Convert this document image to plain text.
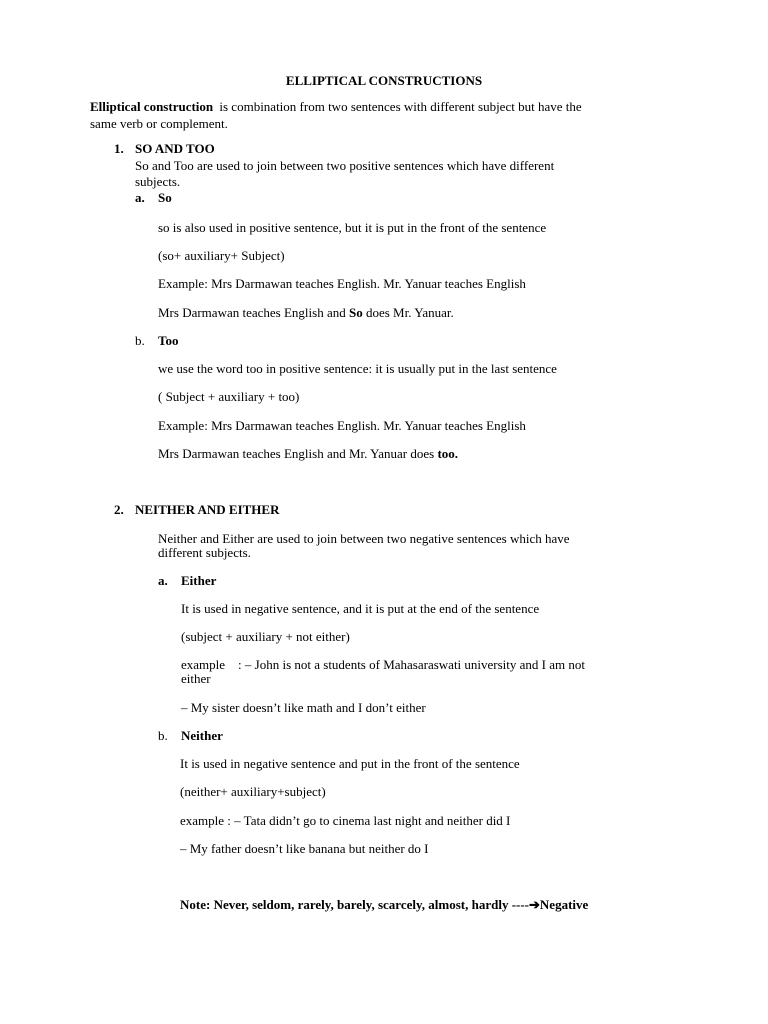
ELLIPTICAL CONSTRUCTIONS
Elliptical construction is combination from two sentences with different subject but have the
same verb or complement.
1. SO AND TOO
So and Too are used to join between two positive sentences which have different
subjects.
a. So
so is also used in positive sentence, but it is put in the front of the sentence
(so+ auxiliary+ Subject)
Example: Mrs Darmawan teaches English. Mr. Yanuar teaches English
Mrs Darmawan teaches English and So does Mr. Yanuar.
b. Too
we use the word too in positive sentence: it is usually put in the last sentence
( Subject + auxiliary + too)
Example: Mrs Darmawan teaches English. Mr. Yanuar teaches English
Mrs Darmawan teaches English and Mr. Yanuar does too.
2. NEITHER AND EITHER
Neither and Either are used to join between two negative sentences which have
different subjects.
a. Either
It is used in negative sentence, and it is put at the end of the sentence
(subject + auxiliary + not either)
example    : – John is not a students of Mahasaraswati university and I am not
either
– My sister doesn’t like math and I don’t either
b. Neither
It is used in negative sentence and put in the front of the sentence
(neither+ auxiliary+subject)
example : – Tata didn’t go to cinema last night and neither did I
– My father doesn’t like banana but neither do I
Note: Never, seldom, rarely, barely, scarcely, almost, hardly ----➔Negative
